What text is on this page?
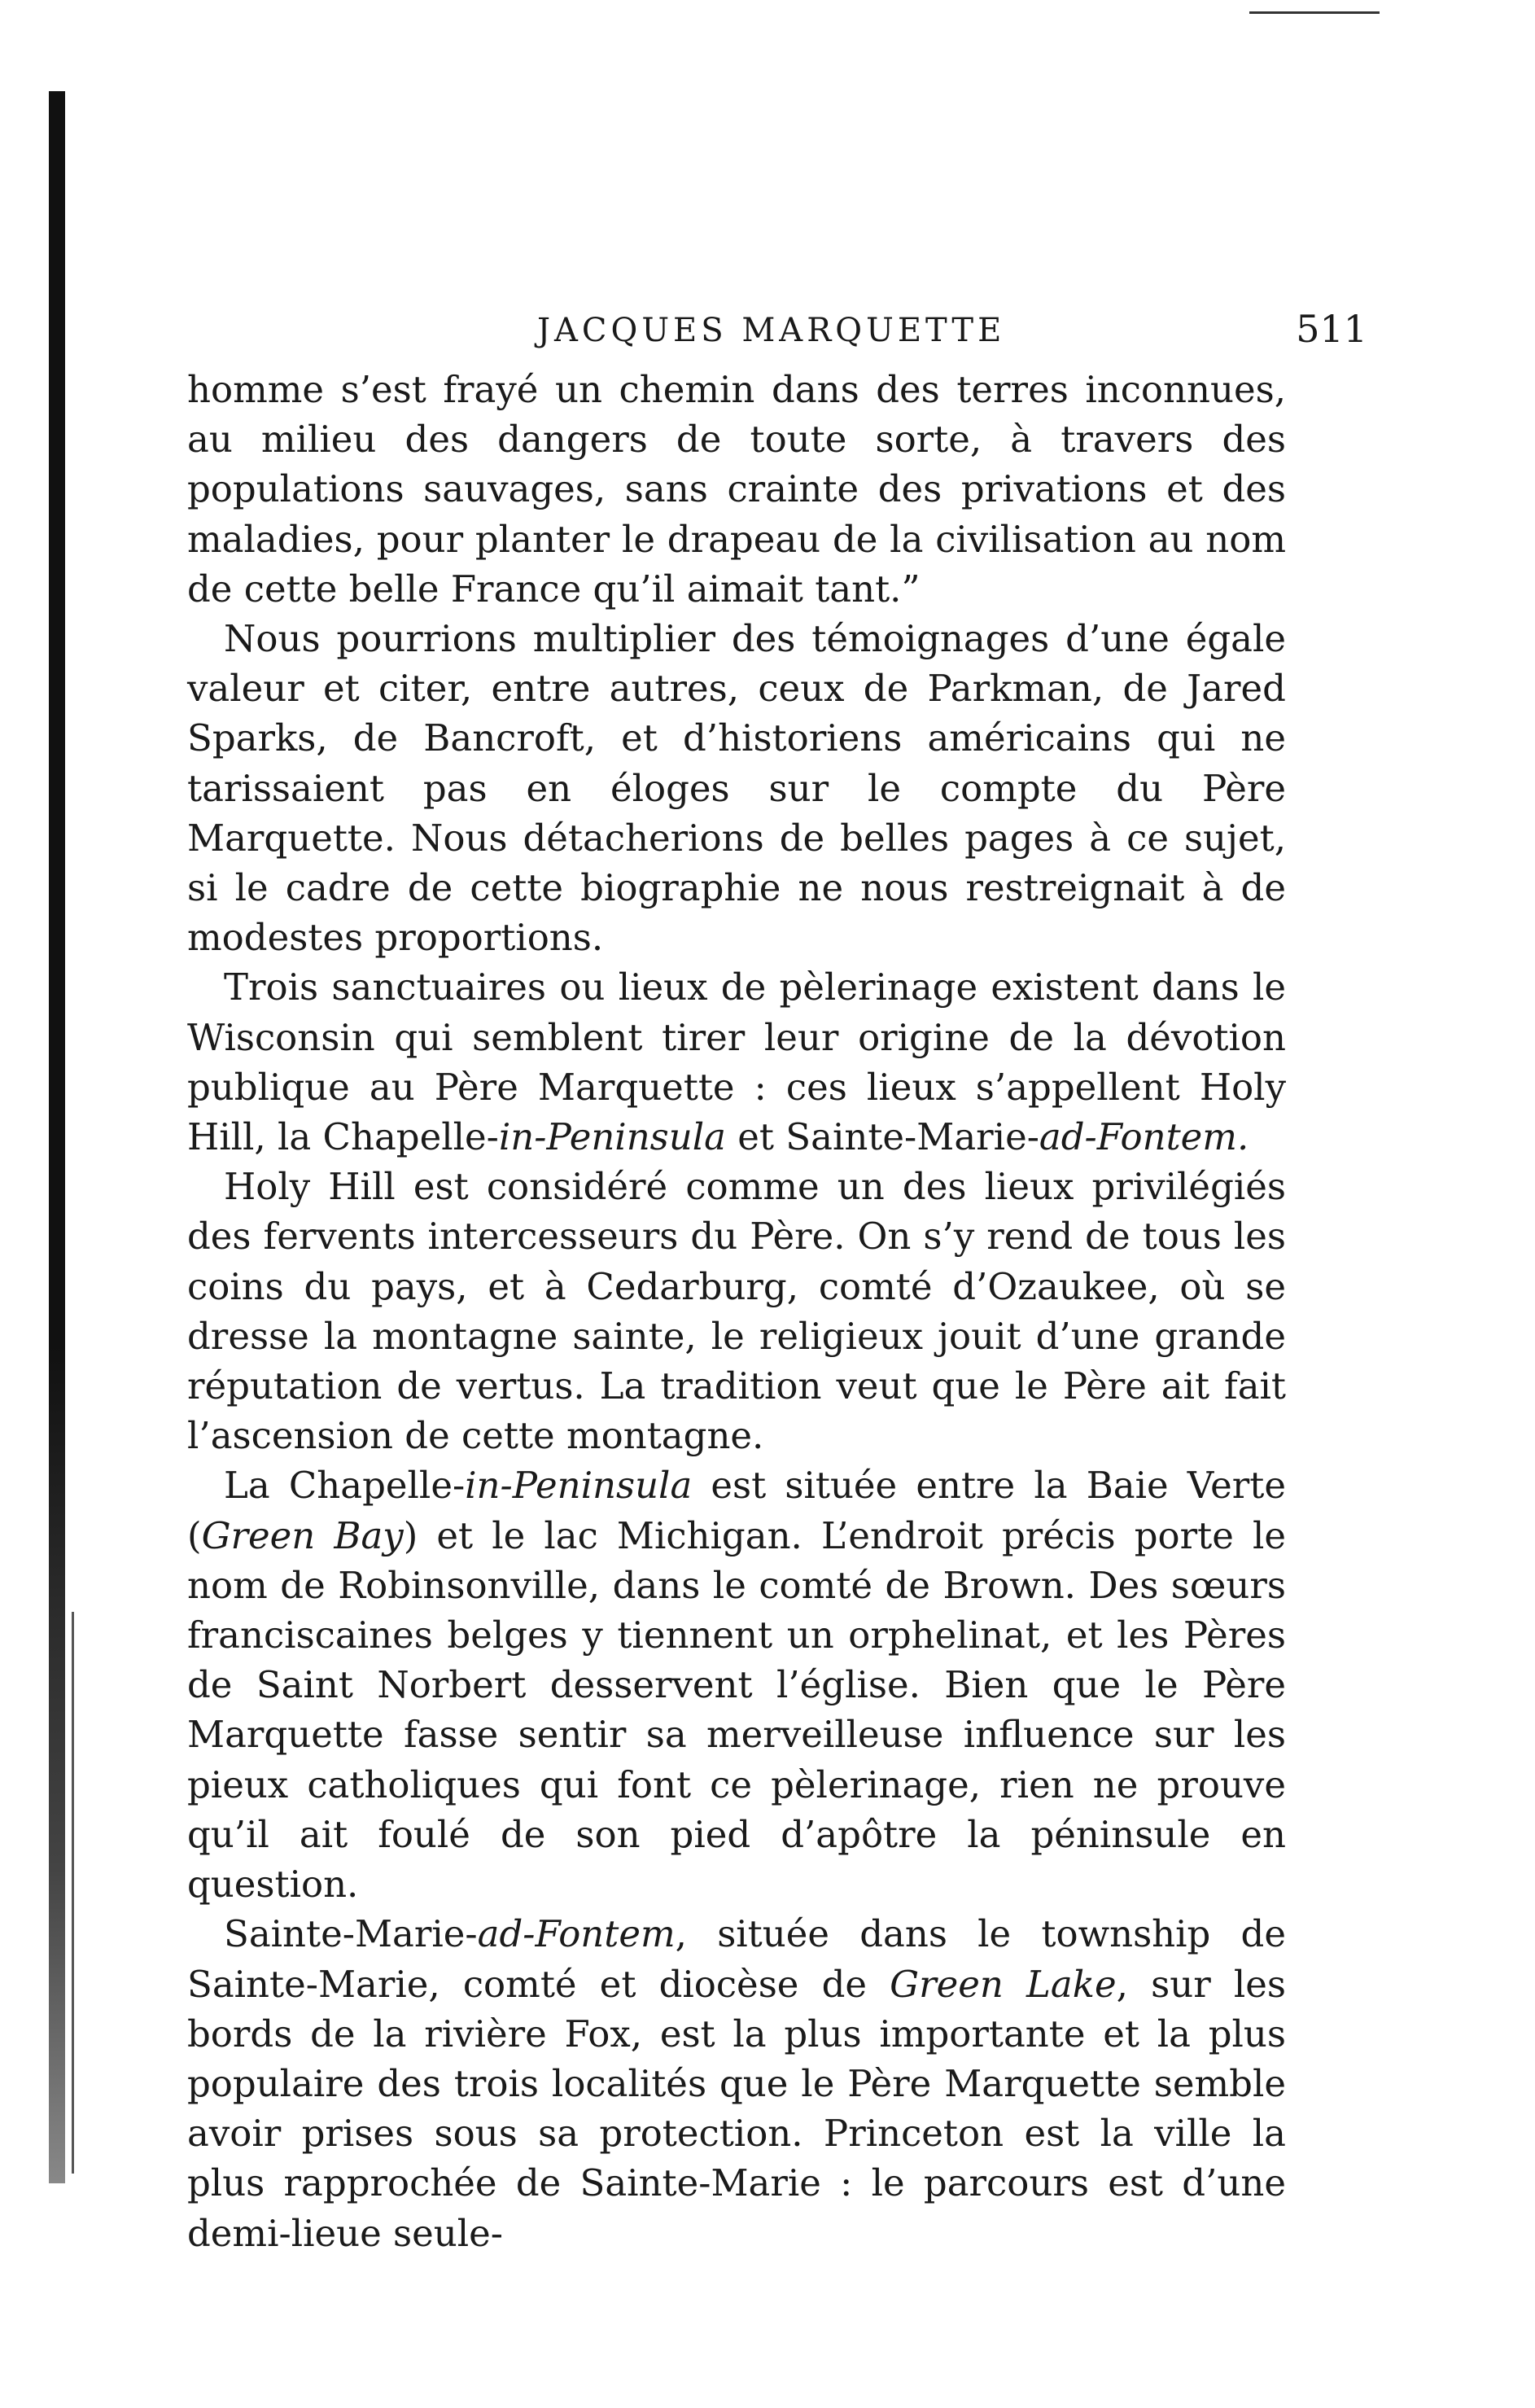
JACQUES MARQUETTE	511

homme s’est frayé un chemin dans des terres inconnues, au milieu des dangers de toute sorte, à travers des populations sauvages, sans crainte des privations et des maladies, pour planter le drapeau de la civilisation au nom de cette belle France qu’il aimait tant.”

Nous pourrions multiplier des témoignages d’une égale valeur et citer, entre autres, ceux de Parkman, de Jared Sparks, de Bancroft, et d’historiens américains qui ne tarissaient pas en éloges sur le compte du Père Marquette. Nous détacherions de belles pages à ce sujet, si le cadre de cette biographie ne nous restreignait à de modestes proportions.

Trois sanctuaires ou lieux de pèlerinage existent dans le Wisconsin qui semblent tirer leur origine de la dévotion publique au Père Marquette : ces lieux s’appellent Holy Hill, la Chapelle-in-Peninsula et Sainte-Marie-ad-Fontem.

Holy Hill est considéré comme un des lieux privilégiés des fervents intercesseurs du Père. On s’y rend de tous les coins du pays, et à Cedarburg, comté d’Ozaukee, où se dresse la montagne sainte, le religieux jouit d’une grande réputation de vertus. La tradition veut que le Père ait fait l’ascension de cette montagne.

La Chapelle-in-Peninsula est située entre la Baie Verte (Green Bay) et le lac Michigan. L’endroit précis porte le nom de Robinsonville, dans le comté de Brown. Des sœurs franciscaines belges y tiennent un orphelinat, et les Pères de Saint Norbert desservent l’église. Bien que le Père Marquette fasse sentir sa merveilleuse influence sur les pieux catholiques qui font ce pèlerinage, rien ne prouve qu’il ait foulé de son pied d’apôtre la péninsule en question.

Sainte-Marie-ad-Fontem, située dans le township de Sainte-Marie, comté et diocèse de Green Lake, sur les bords de la rivière Fox, est la plus importante et la plus populaire des trois localités que le Père Marquette semble avoir prises sous sa protection. Princeton est la ville la plus rapprochée de Sainte-Marie : le parcours est d’une demi-lieue seule-
